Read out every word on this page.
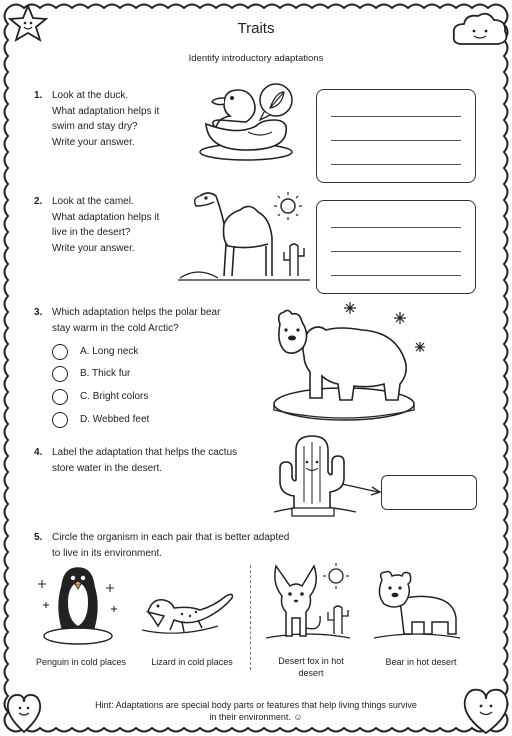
Traits
Identify introductory adaptations
1. Look at the duck.
What adaptation helps it
swim and stay dry?
Write your answer.
2. Look at the camel.
What adaptation helps it
live in the desert?
Write your answer.
3. Which adaptation helps the polar bear
stay warm in the cold Arctic?
A. Long neck
B. Thick fur
C. Bright colors
D. Webbed feet
4. Label the adaptation that helps the cactus
store water in the desert.
5. Circle the organism in each pair that is better adapted
to live in its environment.
Penguin in cold places	Lizard in cold places	Desert fox in hot
desert
Bear in hot desert
Hint: Adaptations are special body parts or features that help living things survive
in their environment. ☺
